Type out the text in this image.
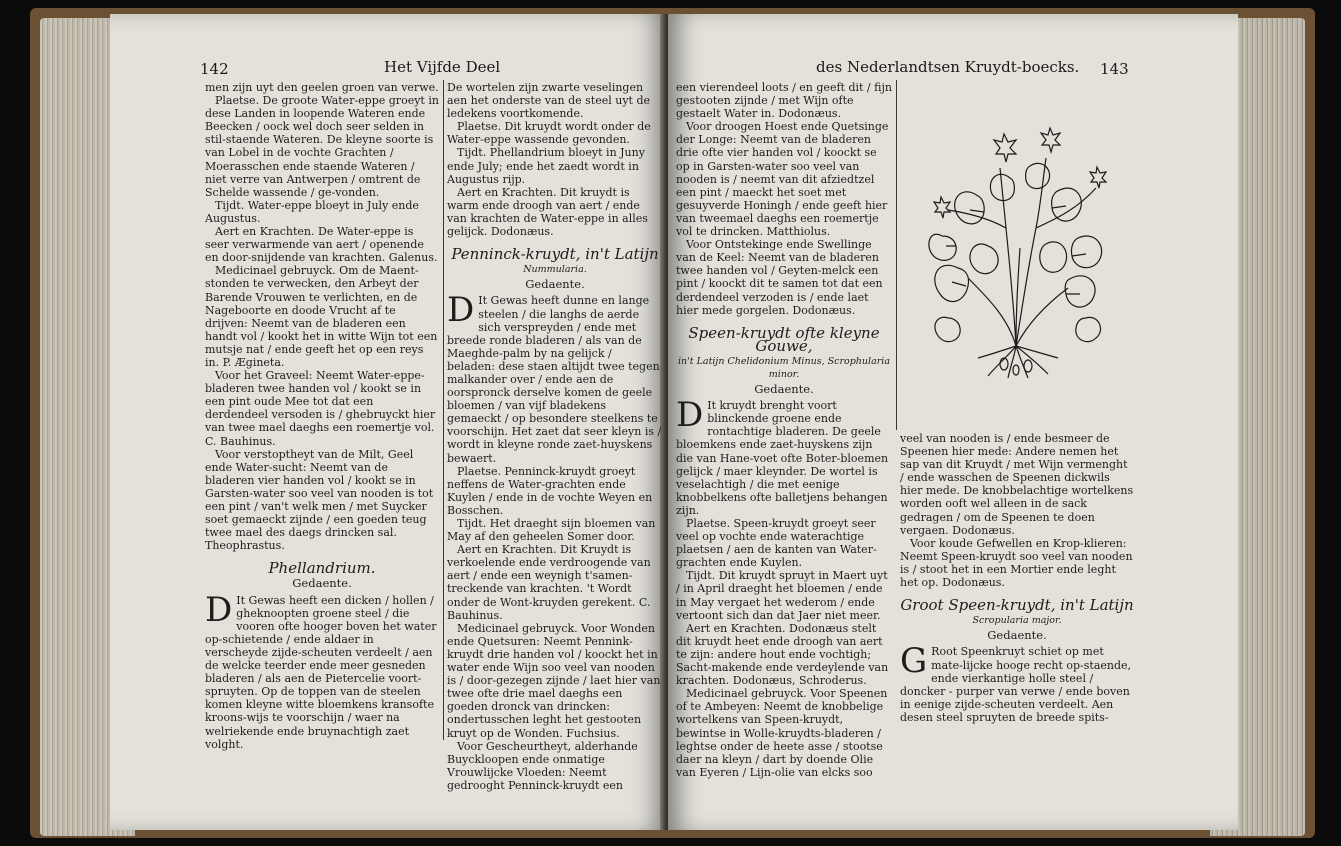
142	Het Vijfde Deel

men zijn uyt den geelen groen van verwe.

Plaetse. De groote Water-eppe groeyt in dese Landen in loopende Wateren ende Beecken / oock wel doch seer selden in stil-staende Wateren. De kleyne soorte is van Lobel in de vochte Grachten / Moerasschen ende staende Wateren / niet verre van Antwerpen / omtrent de Schelde wassende / ge-vonden.

Tijdt. Water-eppe bloeyt in July ende Augustus.

Aert en Krachten. De Water-eppe is seer verwarmende van aert / openende en door-snijdende van krachten. Galenus.

Medicinael gebruyck. Om de Maent-stonden te verwecken, den Arbeyt der Barende Vrouwen te verlichten, en de Nageboorte en doode Vrucht af te drijven: Neemt van de bladeren een handt vol / kookt het in witte Wijn tot een mutsje nat / ende geeft het op een reys in. P. Ægineta.

Voor het Graveel: Neemt Water-eppe-bladeren twee handen vol / kookt se in een pint oude Mee tot dat een derdendeel versoden is / ghebruyckt hier van twee mael daeghs een roemertje vol. C. Bauhinus.

Voor verstoptheyt van de Milt, Geel ende Water-sucht: Neemt van de bladeren vier handen vol / kookt se in Garsten-water soo veel van nooden is tot een pint / van't welk men / met Suycker soet gemaeckt zijnde / een goeden teug twee mael des daegs drincken sal. Theophrastus.

Phellandrium.
Gedaente.

D It Gewas heeft een dicken / hollen / gheknoopten groene steel / die vooren ofte hooger boven het water op-schietende / ende aldaer in verscheyde zijde-scheuten verdeelt / aen de welcke teerder ende meer gesneden bladeren / als aen de Pietercelie voort-spruyten. Op de toppen van de steelen komen kleyne witte bloemkens kransofte kroons-wijs te voorschijn / waer na welriekende ende bruynachtigh zaet volght.

De wortelen zijn zwarte veselingen aen het onderste van de steel uyt de ledekens voortkomende.

Plaetse. Dit kruydt wordt onder de Water-eppe wassende gevonden.

Tijdt. Phellandrium bloeyt in Juny ende July; ende het zaedt wordt in Augustus rijp.

Aert en Krachten. Dit kruydt is warm ende droogh van aert / ende van krachten de Water-eppe in alles gelijck. Dodonæus.

Penninck-kruydt, in't Latijn
Nummularia.
Gedaente.

D It Gewas heeft dunne en lange steelen / die langhs de aerde sich verspreyden / ende met breede ronde bladeren / als van de Maeghde-palm by na gelijck / beladen: dese staen altijdt twee tegen malkander over / ende aen de oorspronck derselve komen de geele bloemen / van vijf bladekens gemaeckt / op besondere steelkens te voorschijn. Het zaet dat seer kleyn is / wordt in kleyne ronde zaet-huyskens bewaert.

Plaetse. Penninck-kruydt groeyt neffens de Water-grachten ende Kuylen / ende in de vochte Weyen en Bosschen.

Tijdt. Het draeght sijn bloemen van May af den geheelen Somer door.

Aert en Krachten. Dit Kruydt is verkoelende ende verdroogende van aert / ende een weynigh t'samen-treckende van krachten. 't Wordt onder de Wont-kruyden gerekent. C. Bauhinus.

Medicinael gebruyck. Voor Wonden ende Quetsuren: Neemt Pennink-kruydt drie handen vol / koockt het in water ende Wijn soo veel van nooden is / door-gezegen zijnde / laet hier van twee ofte drie mael daeghs een goeden dronck van drincken: ondertusschen leght het gestooten kruyt op de Wonden. Fuchsius.

Voor Gescheurtheyt, alderhande Buyckloopen ende onmatige Vrouwlijcke Vloeden: Neemt gedrooght Penninck-kruydt een

des Nederlandtsen Kruydt-boecks. 143

een vierendeel loots / en geeft dit / fijn gestooten zijnde / met Wijn ofte gestaelt Water in. Dodonæus.

Voor droogen Hoest ende Quetsinge der Longe: Neemt van de bladeren drie ofte vier handen vol / koockt se op in Garsten-water soo veel van nooden is / neemt van dit afziedtzel een pint / maeckt het soet met gesuyverde Honingh / ende geeft hier van tweemael daeghs een roemertje vol te drincken. Matthiolus.

Voor Ontstekinge ende Swellinge van de Keel: Neemt van de bladeren twee handen vol / Geyten-melck een pint / koockt dit te samen tot dat een derdendeel verzoden is / ende laet hier mede gorgelen. Dodonæus.

Speen-kruydt ofte kleyne Gouwe,
in't Latijn Chelidonium Minus, Scrophularia minor.
Gedaente.

D It kruydt brenght voort blinckende groene ende rontachtige bladeren. De geele bloemkens ende zaet-huyskens zijn die van Hane-voet ofte Boter-bloemen gelijck / maer kleynder. De wortel is veselachtigh / die met eenige knobbelkens ofte balletjens behangen zijn.

Plaetse. Speen-kruydt groeyt seer veel op vochte ende waterachtige plaetsen / aen de kanten van Water-grachten ende Kuylen.

Tijdt. Dit kruydt spruyt in Maert uyt / in April draeght het bloemen / ende in May vergaet het wederom / ende vertoont sich dan dat Jaer niet meer.

Aert en Krachten. Dodonæus stelt dit kruydt heet ende droogh van aert te zijn: andere hout ende vochtigh; Sacht-makende ende verdeylende van krachten. Dodonæus, Schroderus.

Medicinael gebruyck. Voor Speenen of te Ambeyen: Neemt de knobbelige wortelkens van Speen-kruydt, bewintse in Wolle-kruydts-bladeren / leghtse onder de heete asse / stootse daer na kleyn / dart by doende Olie van Eyeren / Lijn-olie van elcks soo

veel van nooden is / ende besmeer de Speenen hier mede: Andere nemen het sap van dit Kruydt / met Wijn vermenght / ende wasschen de Speenen dickwils hier mede. De knobbelachtige wortelkens worden ooft wel alleen in de sack gedragen / om de Speenen te doen vergaen. Dodonæus.

Voor koude Gefwellen en Krop-klieren: Neemt Speen-kruydt soo veel van nooden is / stoot het in een Mortier ende leght het op. Dodonæus.

Groot Speen-kruydt, in't Latijn
Scropularia major.
Gedaente.

G Root Speenkruyt schiet op met mate-lijcke hooge recht op-staende, ende vierkantige holle steel / doncker - purper van verwe / ende boven in eenige zijde-scheuten verdeelt. Aen desen steel spruyten de breede spits-
